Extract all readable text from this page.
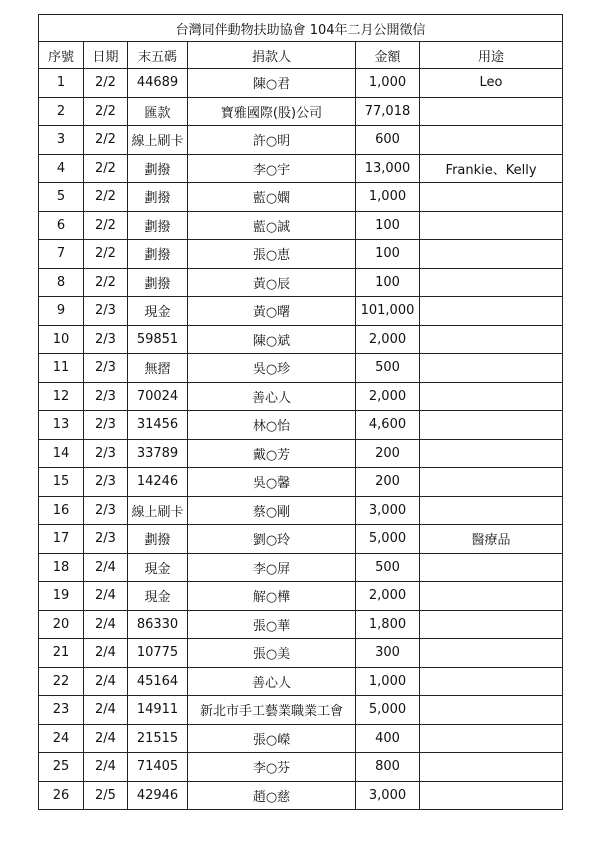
台灣同伴動物扶助協會 104年二月公開徵信					
序號	日期	末五碼	捐款人	金額	用途
1	2/2	44689	陳○君	1,000	Leo
2	2/2	匯款	寶雅國際(股)公司	77,018	
3	2/2	線上刷卡	許○明	600	
4	2/2	劃撥	李○宇	13,000	Frankie、Kelly
5	2/2	劃撥	藍○嫻	1,000	
6	2/2	劃撥	藍○誠	100	
7	2/2	劃撥	張○恵	100	
8	2/2	劃撥	黃○辰	100	
9	2/3	現金	黃○曙	101,000	
10	2/3	59851	陳○斌	2,000	
11	2/3	無摺	吳○珍	500	
12	2/3	70024	善心人	2,000	
13	2/3	31456	林○怡	4,600	
14	2/3	33789	戴○芳	200	
15	2/3	14246	吳○馨	200	
16	2/3	線上刷卡	蔡○剛	3,000	
17	2/3	劃撥	劉○玲	5,000	醫療品
18	2/4	現金	李○屏	500	
19	2/4	現金	解○樺	2,000	
20	2/4	86330	張○華	1,800	
21	2/4	10775	張○美	300	
22	2/4	45164	善心人	1,000	
23	2/4	14911	新北市手工藝業職業工會	5,000	
24	2/4	21515	張○嶸	400	
25	2/4	71405	李○芬	800	
26	2/5	42946	趙○慈	3,000	
